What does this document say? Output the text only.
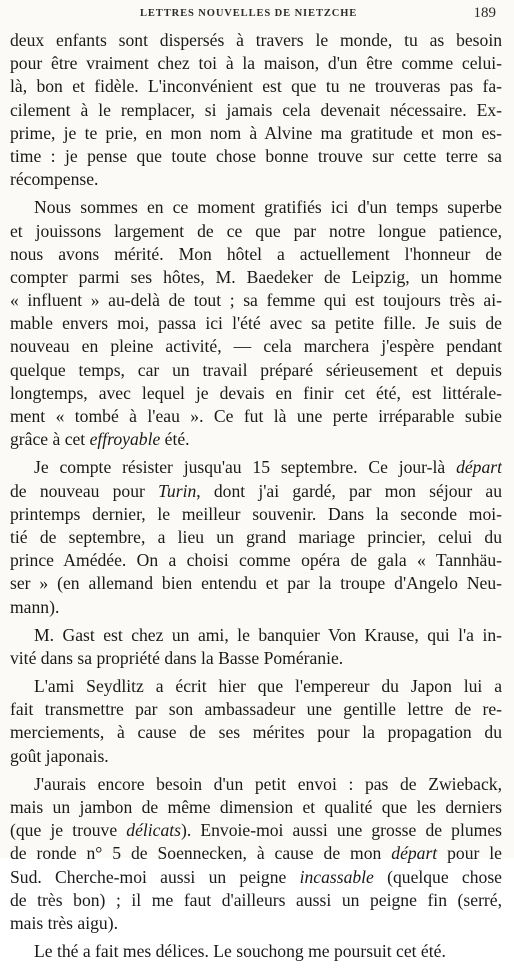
LETTRES NOUVELLES DE NIETZCHE	189
deux enfants sont dispersés à travers le monde, tu as besoin
pour être vraiment chez toi à la maison, d'un être comme celui-
là, bon et fidèle. L'inconvénient est que tu ne trouveras pas fa-
cilement à le remplacer, si jamais cela devenait nécessaire. Ex-
prime, je te prie, en mon nom à Alvine ma gratitude et mon es-
time : je pense que toute chose bonne trouve sur cette terre sa
récompense.
Nous sommes en ce moment gratifiés ici d'un temps superbe
et jouissons largement de ce que par notre longue patience,
nous avons mérité. Mon hôtel a actuellement l'honneur de
compter parmi ses hôtes, M. Baedeker de Leipzig, un homme
« influent » au-delà de tout ; sa femme qui est toujours très ai-
mable envers moi, passa ici l'été avec sa petite fille. Je suis de
nouveau en pleine activité, — cela marchera j'espère pendant
quelque temps, car un travail préparé sérieusement et depuis
longtemps, avec lequel je devais en finir cet été, est littérale-
ment « tombé à l'eau ». Ce fut là une perte irréparable subie
grâce à cet effroyable été.
Je compte résister jusqu'au 15 septembre. Ce jour-là départ
de nouveau pour Turin, dont j'ai gardé, par mon séjour au
printemps dernier, le meilleur souvenir. Dans la seconde moi-
tié de septembre, a lieu un grand mariage princier, celui du
prince Amédée. On a choisi comme opéra de gala « Tannhäu-
ser » (en allemand bien entendu et par la troupe d'Angelo Neu-
mann).
M. Gast est chez un ami, le banquier Von Krause, qui l'a in-
vité dans sa propriété dans la Basse Poméranie.
L'ami Seydlitz a écrit hier que l'empereur du Japon lui a
fait transmettre par son ambassadeur une gentille lettre de re-
merciements, à cause de ses mérites pour la propagation du
goût japonais.
J'aurais encore besoin d'un petit envoi : pas de Zwieback,
mais un jambon de même dimension et qualité que les derniers
(que je trouve délicats). Envoie-moi aussi une grosse de plumes
de ronde n° 5 de Soennecken, à cause de mon départ pour le
Sud. Cherche-moi aussi un peigne incassable (quelque chose
de très bon) ; il me faut d'ailleurs aussi un peigne fin (serré,
mais très aigu).
Le thé a fait mes délices. Le souchong me poursuit cet été.
